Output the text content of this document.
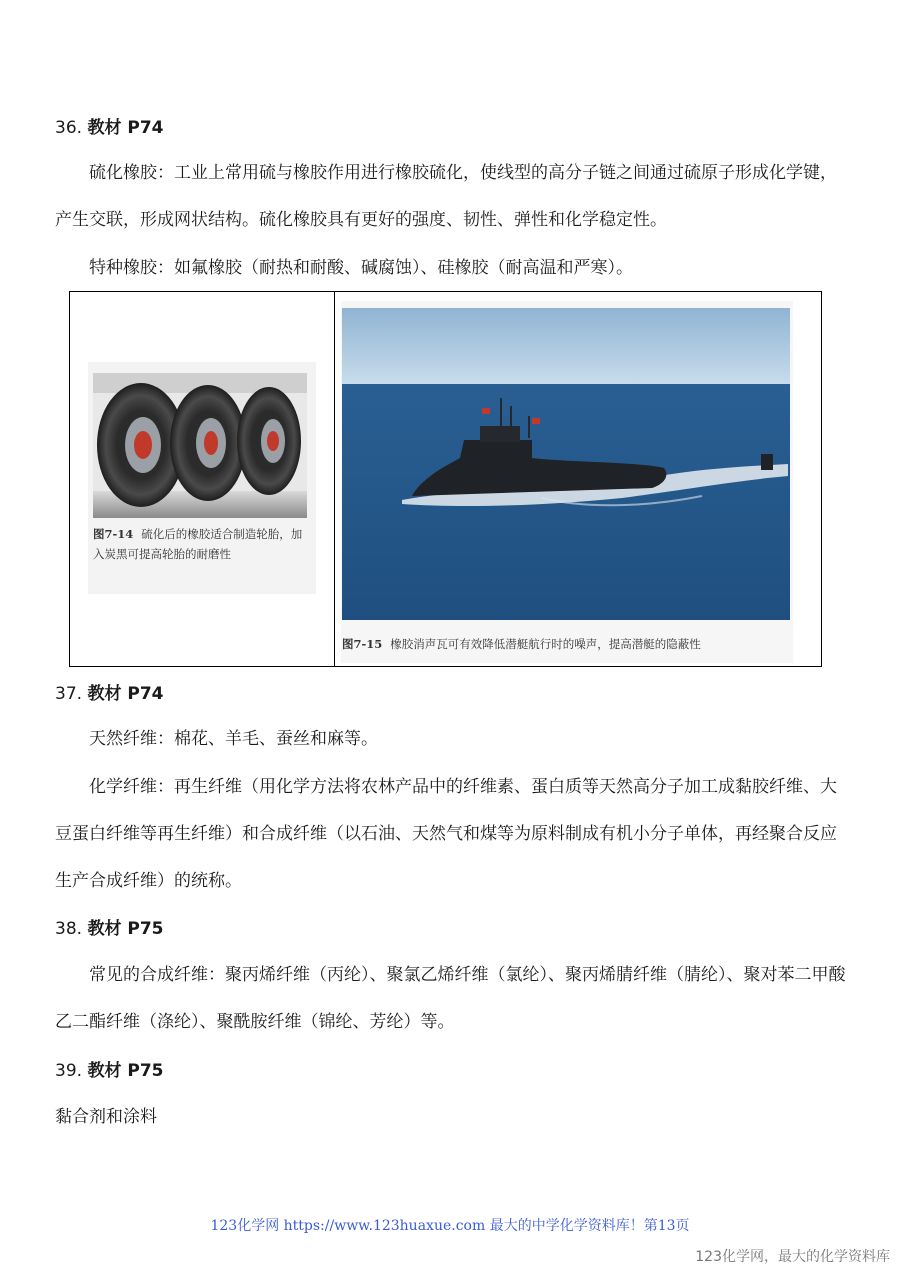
36. 教材 P74
硫化橡胶：工业上常用硫与橡胶作用进行橡胶硫化，使线型的高分子链之间通过硫原子形成化学键，产生交联，形成网状结构。硫化橡胶具有更好的强度、韧性、弹性和化学稳定性。
特种橡胶：如氟橡胶（耐热和耐酸、碱腐蚀）、硅橡胶（耐高温和严寒）。
图7-14 硫化后的橡胶适合制造轮胎，加入炭黑可提高轮胎的耐磨性
图7-15 橡胶消声瓦可有效降低潜艇航行时的噪声，提高潜艇的隐蔽性
37. 教材 P74
天然纤维：棉花、羊毛、蚕丝和麻等。
化学纤维：再生纤维（用化学方法将农林产品中的纤维素、蛋白质等天然高分子加工成黏胶纤维、大豆蛋白纤维等再生纤维）和合成纤维（以石油、天然气和煤等为原料制成有机小分子单体，再经聚合反应生产合成纤维）的统称。
38. 教材 P75
常见的合成纤维：聚丙烯纤维（丙纶）、聚氯乙烯纤维（氯纶）、聚丙烯腈纤维（腈纶）、聚对苯二甲酸乙二酯纤维（涤纶）、聚酰胺纤维（锦纶、芳纶）等。
39. 教材 P75
黏合剂和涂料
123化学网 https://www.123huaxue.com 最大的中学化学资料库！第13页
123化学网，最大的化学资料库
